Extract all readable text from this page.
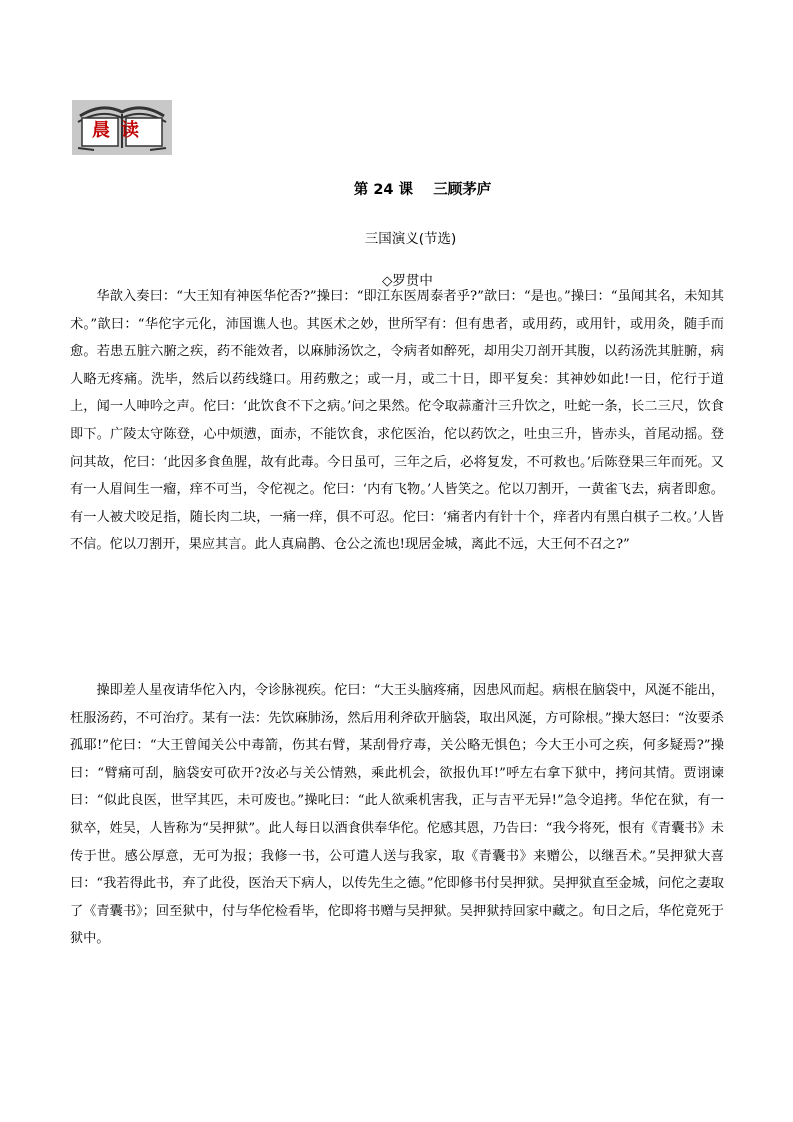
晨 读
第 24 课    三顾茅庐
三国演义(节选)
◇罗贯中

华歆入奏曰：“大王知有神医华佗否?”操曰：“即江东医周泰者乎?”歆曰：“是也。”操曰：“虽闻其名，未知其术。”歆曰：“华佗字元化，沛国谯人也。其医术之妙，世所罕有：但有患者，或用药，或用针，或用灸，随手而愈。若患五脏六腑之疾，药不能效者，以麻肺汤饮之，令病者如醉死，却用尖刀剖开其腹，以药汤洗其脏腑，病人略无疼痛。洗毕，然后以药线缝口。用药敷之；或一月，或二十日，即平复矣：其神妙如此!一日，佗行于道上，闻一人呻吟之声。佗曰：‘此饮食不下之病。’问之果然。佗令取蒜齑汁三升饮之，吐蛇一条，长二三尺，饮食即下。广陵太守陈登，心中烦懑，面赤，不能饮食，求佗医治，佗以药饮之，吐虫三升，皆赤头，首尾动摇。登问其故，佗曰：‘此因多食鱼腥，故有此毒。今日虽可，三年之后，必将复发，不可救也。’后陈登果三年而死。又有一人眉间生一瘤，痒不可当，令佗视之。佗曰：‘内有飞物。’人皆笑之。佗以刀割开，一黄雀飞去，病者即愈。有一人被犬咬足指，随长肉二块，一痛一痒，俱不可忍。佗曰：‘痛者内有针十个，痒者内有黑白棋子二枚。’人皆不信。佗以刀割开，果应其言。此人真扁鹊、仓公之流也!现居金城，离此不远，大王何不召之?”

操即差人星夜请华佗入内，令诊脉视疾。佗曰：“大王头脑疼痛，因患风而起。病根在脑袋中，风涎不能出，枉服汤药，不可治疗。某有一法：先饮麻肺汤，然后用利斧砍开脑袋，取出风涎，方可除根。”操大怒曰：“汝要杀孤耶!”佗曰：“大王曾闻关公中毒箭，伤其右臂，某刮骨疗毒，关公略无惧色；今大王小可之疾，何多疑焉?”操曰：“臂痛可刮，脑袋安可砍开?汝必与关公情熟，乘此机会，欲报仇耳!”呼左右拿下狱中，拷问其情。贾诩谏曰：“似此良医，世罕其匹，未可废也。”操叱曰：“此人欲乘机害我，正与吉平无异!”急令追拷。华佗在狱，有一狱卒，姓吴，人皆称为“吴押狱”。此人每日以酒食供奉华佗。佗感其恩，乃告曰：“我今将死，恨有《青囊书》未传于世。感公厚意，无可为报；我修一书，公可遣人送与我家，取《青囊书》来赠公，以继吾术。”吴押狱大喜曰：“我若得此书，弃了此役，医治天下病人，以传先生之德。”佗即修书付吴押狱。吴押狱直至金城，问佗之妻取了《青囊书》；回至狱中，付与华佗检看毕，佗即将书赠与吴押狱。吴押狱持回家中藏之。旬日之后，华佗竟死于狱中。
